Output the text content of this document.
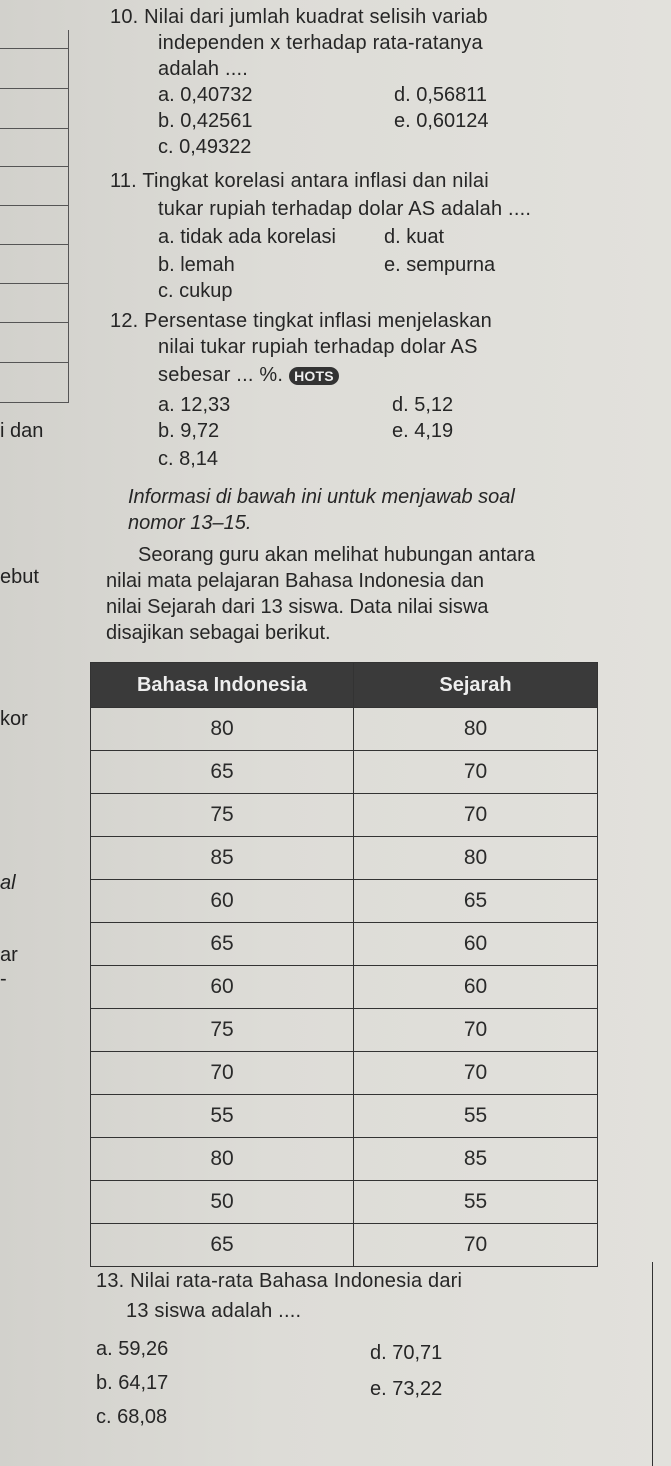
i dan
ebut
kor
al
ar
-
10. Nilai dari jumlah kuadrat selisih variab
independen x terhadap rata-ratanya
adalah ....
a. 0,40732	d. 0,56811
b. 0,42561	e. 0,60124
c. 0,49322
11. Tingkat korelasi antara inflasi dan nilai
tukar rupiah terhadap dolar AS adalah ....
a. tidak ada korelasi d. kuat
b. lemah	e. sempurna
c. cukup
12. Persentase tingkat inflasi menjelaskan
nilai tukar rupiah terhadap dolar AS
sebesar ... %. HOTS
a. 12,33	d. 5,12
b. 9,72	e. 4,19
c. 8,14
Informasi di bawah ini untuk menjawab soal
nomor 13–15.
Seorang guru akan melihat hubungan antara
nilai mata pelajaran Bahasa Indonesia dan
nilai Sejarah dari 13 siswa. Data nilai siswa
disajikan sebagai berikut.
Bahasa Indonesia	Sejarah
80	80
65	70
75	70
85	80
60	65
65	60
60	60
75	70
70	70
55	55
80	85
50	55
65	70
13. Nilai rata-rata Bahasa Indonesia dari
13 siswa adalah ....
a. 59,26	d. 70,71
b. 64,17	e. 73,22
c. 68,08
